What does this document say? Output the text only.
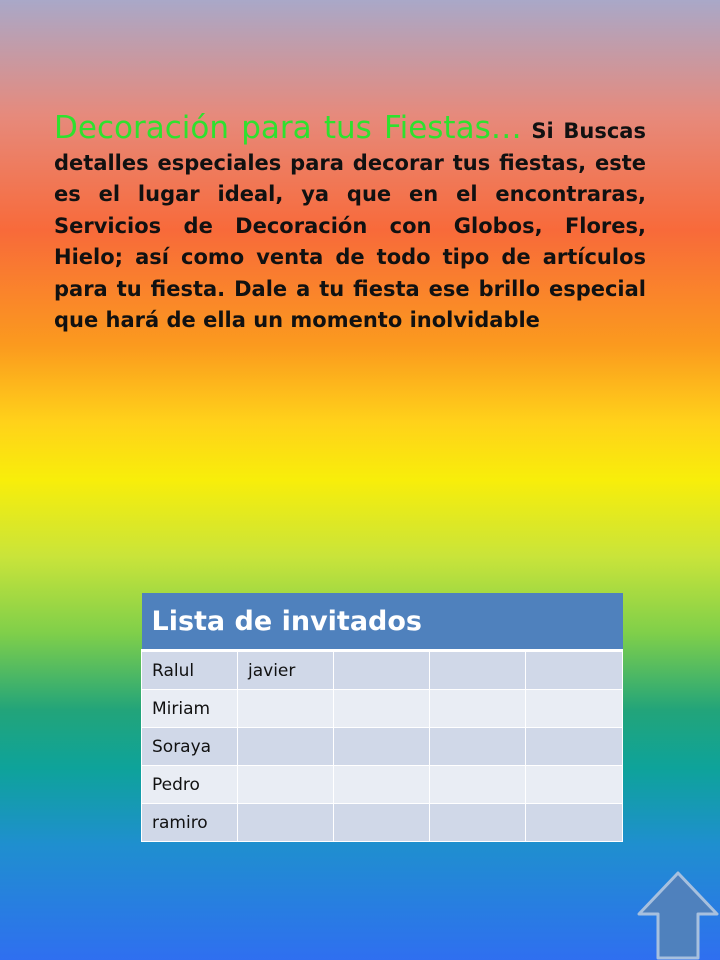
Decoración para tus Fiestas… Si Buscas detalles especiales para decorar tus fiestas, este es el lugar ideal, ya que en el encontraras, Servicios de Decoración con Globos, Flores, Hielo; así como venta de todo tipo de artículos para tu fiesta. Dale a tu fiesta ese brillo especial que hará de ella un momento inolvidable

Lista de invitados				
Ralul	javier			
Miriam				
Soraya				
Pedro				
ramiro				
